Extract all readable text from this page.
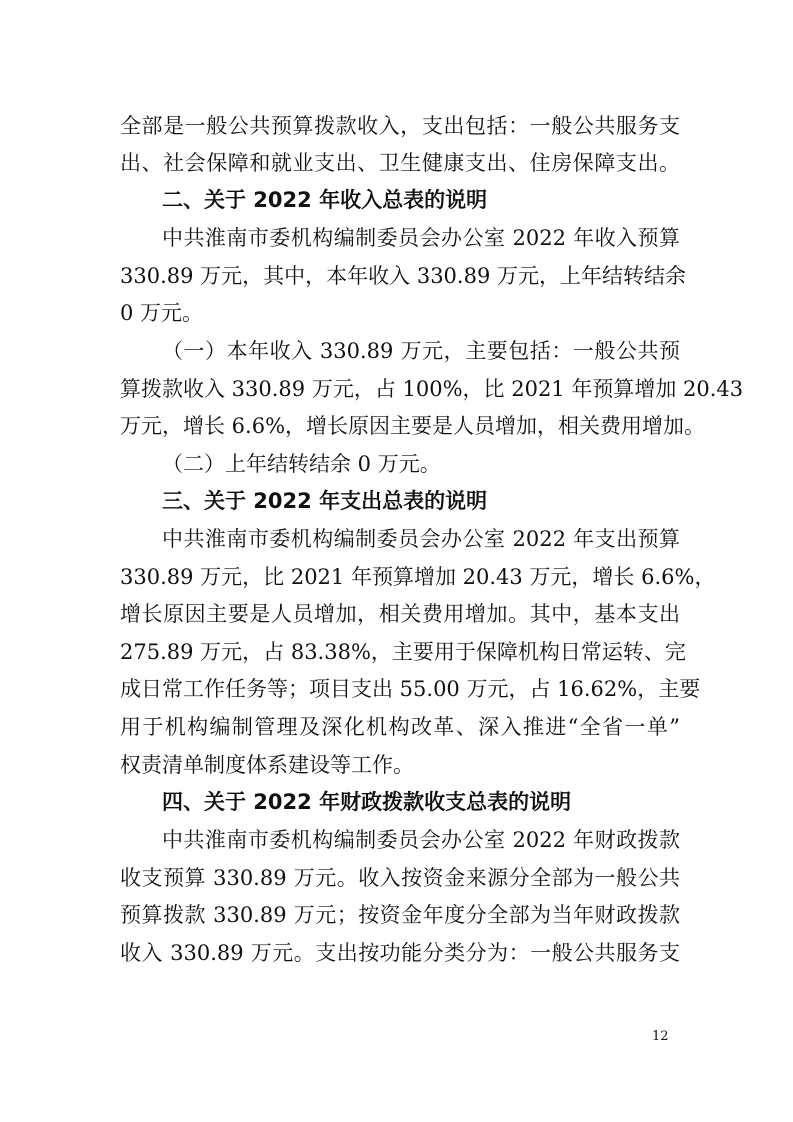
全部是一般公共预算拨款收入，支出包括：一般公共服务支
出、社会保障和就业支出、卫生健康支出、住房保障支出。
二、关于 2022 年收入总表的说明
中共淮南市委机构编制委员会办公室 2022 年收入预算
330.89 万元，其中，本年收入 330.89 万元，上年结转结余
0 万元。
（一）本年收入 330.89 万元，主要包括：一般公共预
算拨款收入 330.89 万元，占 100%，比 2021 年预算增加 20.43
万元，增长 6.6%，增长原因主要是人员增加，相关费用增加。
（二）上年结转结余 0 万元。
三、关于 2022 年支出总表的说明
中共淮南市委机构编制委员会办公室 2022 年支出预算
330.89 万元，比 2021 年预算增加 20.43 万元，增长 6.6%，
增长原因主要是人员增加，相关费用增加。其中，基本支出
275.89 万元，占 83.38%，主要用于保障机构日常运转、完
成日常工作任务等；项目支出 55.00 万元，占 16.62%，主要
用于机构编制管理及深化机构改革、深入推进“全省一单”
权责清单制度体系建设等工作。
四、关于 2022 年财政拨款收支总表的说明
中共淮南市委机构编制委员会办公室 2022 年财政拨款
收支预算 330.89 万元。收入按资金来源分全部为一般公共
预算拨款 330.89 万元；按资金年度分全部为当年财政拨款
收入 330.89 万元。支出按功能分类分为：一般公共服务支
12
